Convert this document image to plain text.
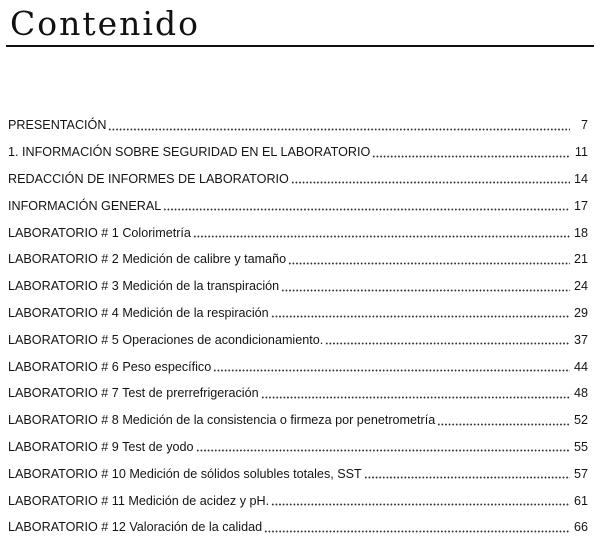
Contenido
PRESENTACIÓN	7
1. INFORMACIÓN SOBRE SEGURIDAD EN EL LABORATORIO	11
REDACCIÓN DE INFORMES DE LABORATORIO	14
INFORMACIÓN GENERAL	17
LABORATORIO # 1 Colorimetría	18
LABORATORIO # 2 Medición de calibre y tamaño	21
LABORATORIO # 3 Medición de la transpiración	24
LABORATORIO # 4 Medición de la respiración	29
LABORATORIO # 5 Operaciones de acondicionamiento.	37
LABORATORIO # 6 Peso específico	44
LABORATORIO # 7 Test de prerrefrigeración	48
LABORATORIO # 8 Medición de la consistencia o firmeza por penetrometría	52
LABORATORIO # 9 Test de yodo	55
LABORATORIO # 10 Medición de sólidos solubles totales, SST	57
LABORATORIO # 11 Medición de acidez y pH.	61
LABORATORIO # 12 Valoración de la calidad	66
